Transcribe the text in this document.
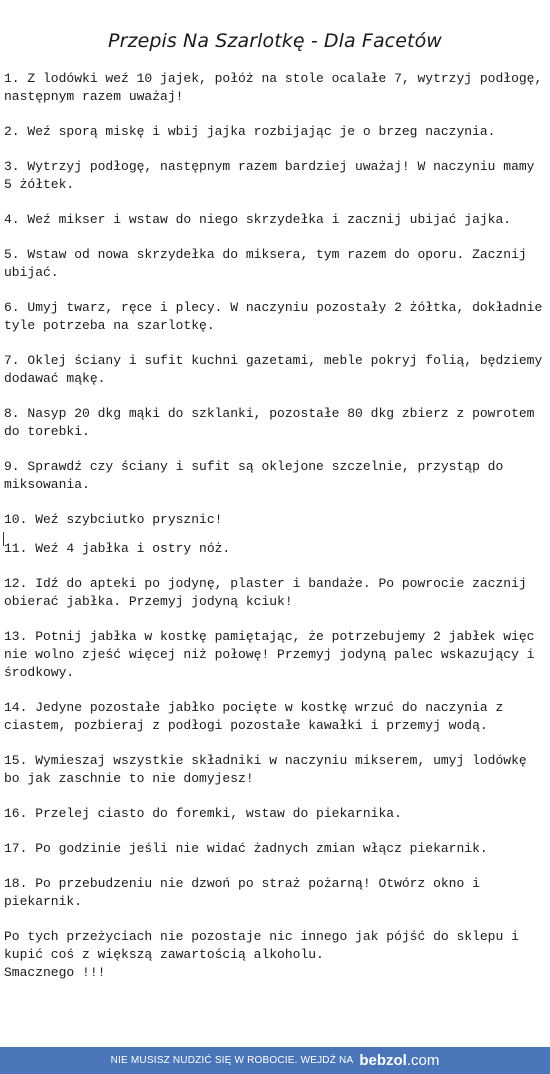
Przepis Na Szarlotkę - Dla Facetów
1. Z lodówki weź 10 jajek, połóż na stole ocalałe 7, wytrzyj podłogę, następnym razem uważaj!
2. Weź sporą miskę i wbij jajka rozbijając je o brzeg naczynia.
3. Wytrzyj podłogę, następnym razem bardziej uważaj! W naczyniu mamy 5 żółtek.
4. Weź mikser i wstaw do niego skrzydełka i zacznij ubijać jajka.
5. Wstaw od nowa skrzydełka do miksera, tym razem do oporu. Zacznij ubijać.
6. Umyj twarz, ręce i plecy. W naczyniu pozostały 2 żółtka, dokładnie tyle potrzeba na szarlotkę.
7. Oklej ściany i sufit kuchni gazetami, meble pokryj folią, będziemy dodawać mąkę.
8. Nasyp 20 dkg mąki do szklanki, pozostałe 80 dkg zbierz z powrotem do torebki.
9. Sprawdź czy ściany i sufit są oklejone szczelnie, przystąp do miksowania.
10. Weź szybciutko prysznic!
11. Weź 4 jabłka i ostry nóż.
12. Idź do apteki po jodynę, plaster i bandaże. Po powrocie zacznij obierać jabłka. Przemyj jodyną kciuk!
13. Potnij jabłka w kostkę pamiętając, że potrzebujemy 2 jabłek więc nie wolno zjeść więcej niż połowę! Przemyj jodyną palec wskazujący i środkowy.
14. Jedyne pozostałe jabłko pocięte w kostkę wrzuć do naczynia z ciastem, pozbieraj z podłogi pozostałe kawałki i przemyj wodą.
15. Wymieszaj wszystkie składniki w naczyniu mikserem, umyj lodówkę bo jak zaschnie to nie domyjesz!
16. Przelej ciasto do foremki, wstaw do piekarnika.
17. Po godzinie jeśli nie widać żadnych zmian włącz piekarnik.
18. Po przebudzeniu nie dzwoń po straż pożarną! Otwórz okno i piekarnik.
Po tych przeżyciach nie pozostaje nic innego jak pójść do sklepu i kupić coś z większą zawartością alkoholu.
Smacznego !!!
NIE MUSISZ NUDZIĆ SIĘ W ROBOCIE. WEJDŹ NA bebzol.com
